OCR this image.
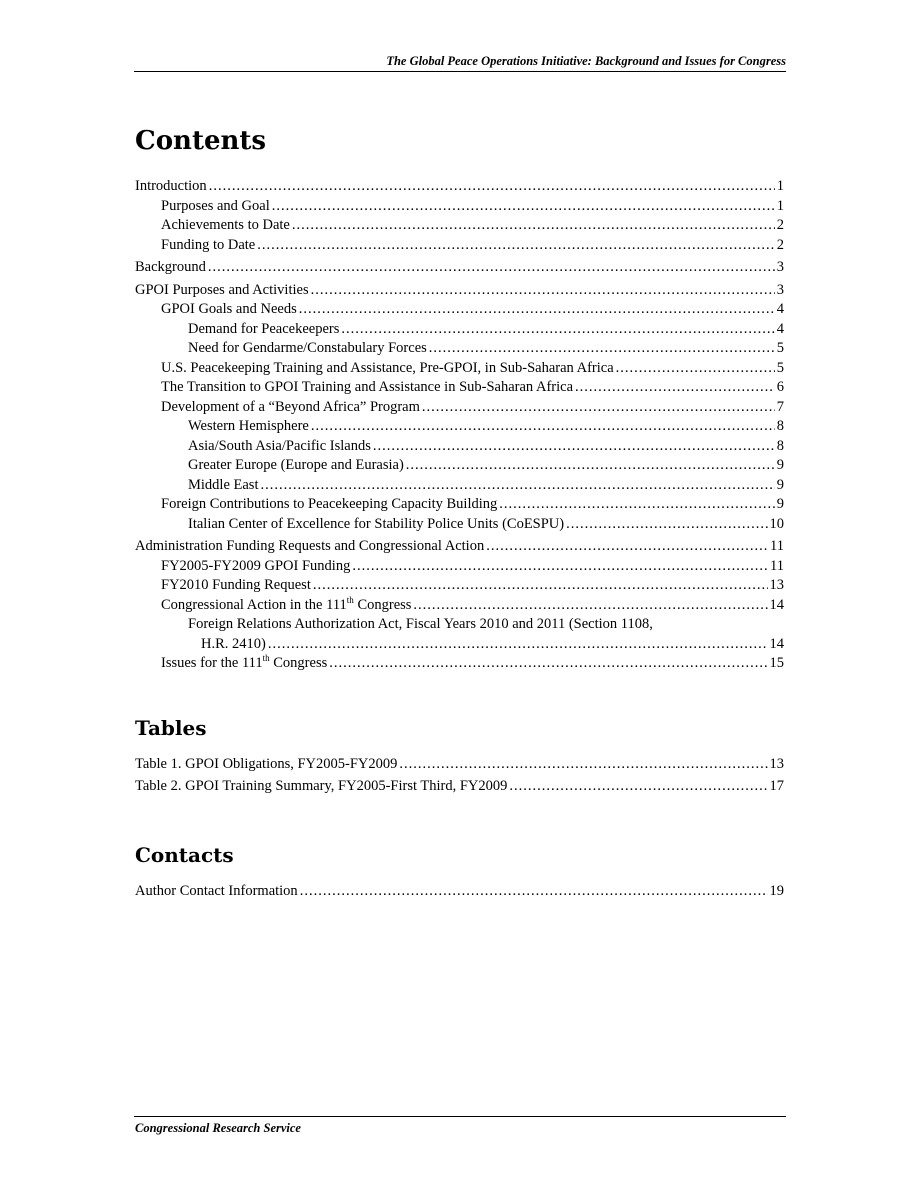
The Global Peace Operations Initiative: Background and Issues for Congress
Contents
Introduction .....	1
Purposes and Goal .....	1
Achievements to Date .....	2
Funding to Date .....	2
Background .....	3
GPOI Purposes and Activities .....	3
GPOI Goals and Needs .....	4
Demand for Peacekeepers .....	4
Need for Gendarme/Constabulary Forces .....	5
U.S. Peacekeeping Training and Assistance, Pre-GPOI, in Sub-Saharan Africa .....	5
The Transition to GPOI Training and Assistance in Sub-Saharan Africa .....	6
Development of a “Beyond Africa” Program .....	7
Western Hemisphere .....	8
Asia/South Asia/Pacific Islands .....	8
Greater Europe (Europe and Eurasia) .....	9
Middle East .....	9
Foreign Contributions to Peacekeeping Capacity Building .....	9
Italian Center of Excellence for Stability Police Units (CoESPU) .....	10
Administration Funding Requests and Congressional Action .....	11
FY2005-FY2009 GPOI Funding .....	11
FY2010 Funding Request .....	13
Congressional Action in the 111th Congress .....	14
Foreign Relations Authorization Act, Fiscal Years 2010 and 2011 (Section 1108,
H.R. 2410) .....	14
Issues for the 111th Congress .....	15
Tables
Table 1. GPOI Obligations, FY2005-FY2009 .....	13
Table 2. GPOI Training Summary, FY2005-First Third, FY2009 .....	17
Contacts
Author Contact Information .....	19
Congressional Research Service
